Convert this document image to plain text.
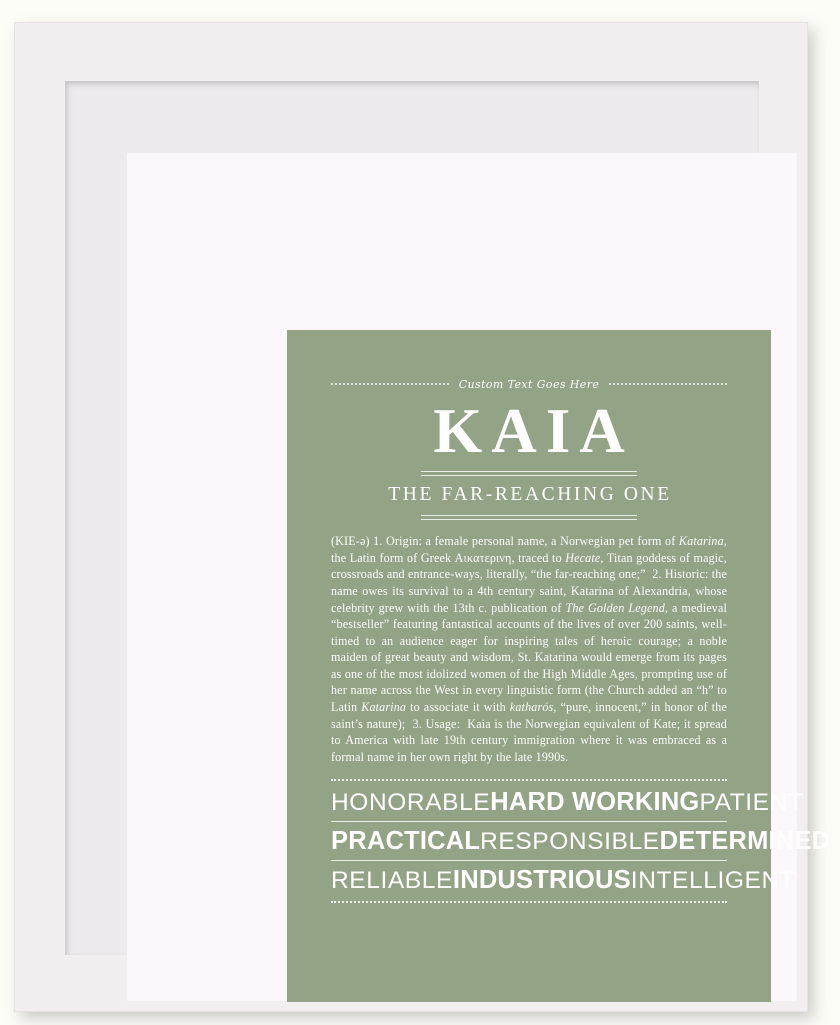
Custom Text Goes Here
KAIA
THE FAR-REACHING ONE
(KIE-ə) 1. Origin: a female personal name, a Norwegian pet form of Katarina, the Latin form of Greek Αικατερινη, traced to Hecate, Titan goddess of magic, crossroads and entrance-ways, literally, “the far-reaching one;”  2. Historic: the name owes its survival to a 4th century saint, Katarina of Alexandria, whose celebrity grew with the 13th c. publication of The Golden Legend, a medieval “bestseller” featuring fantastical accounts of the lives of over 200 saints, well-timed to an audience eager for inspiring tales of heroic courage; a noble maiden of great beauty and wisdom, St. Katarina would emerge from its pages as one of the most idolized women of the High Middle Ages, prompting use of her name across the West in every linguistic form (the Church added an “h” to Latin Katarina to associate it with katharós, “pure, innocent,” in honor of the saint’s nature);  3. Usage:  Kaia is the Norwegian equivalent of Kate; it spread to America with late 19th century immigration where it was embraced as a formal name in her own right by the late 1990s.
HONORABLE HARD WORKING PATIENT
PRACTICAL RESPONSIBLE DETERMINED
RELIABLE INDUSTRIOUS INTELLIGENT
